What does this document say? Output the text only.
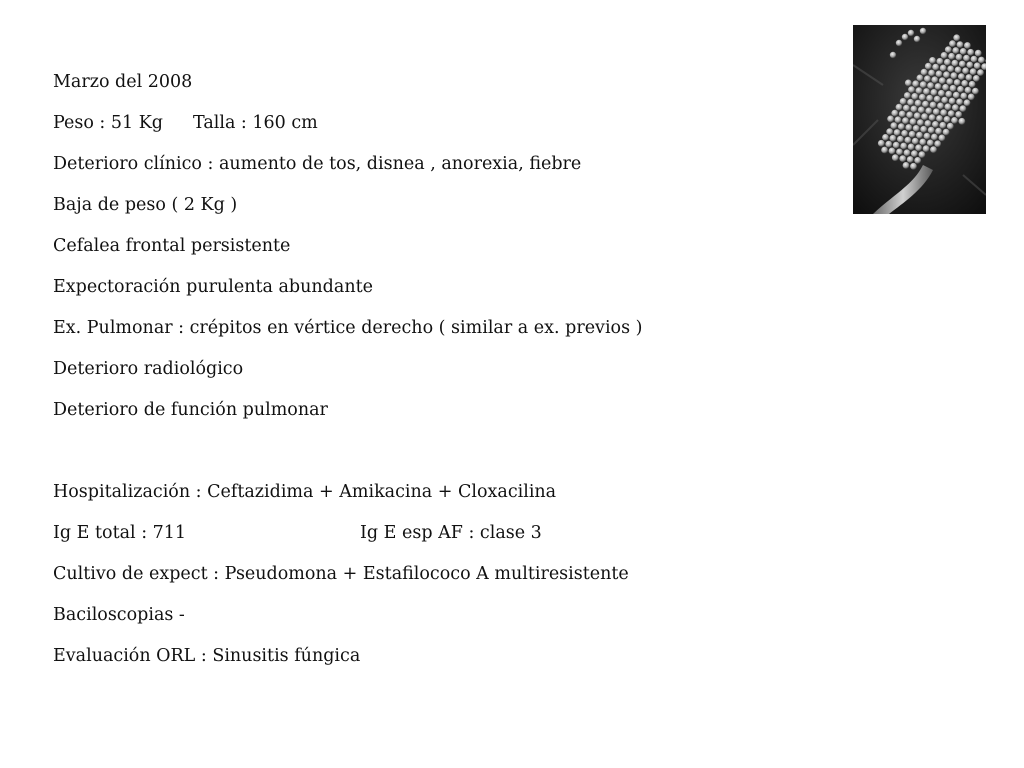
Marzo del 2008
Peso : 51 Kg Talla : 160 cm
Deterioro clínico : aumento de tos, disnea , anorexia, fiebre
Baja de peso ( 2 Kg )
Cefalea frontal persistente
Expectoración purulenta abundante
Ex. Pulmonar : crépitos en vértice derecho ( similar a ex. previos )
Deterioro radiológico
Deterioro de función pulmonar
Hospitalización : Ceftazidima + Amikacina + Cloxacilina
Ig E total : 711	Ig E esp AF : clase 3
Cultivo de expect : Pseudomona + Estafilococo A multiresistente
Baciloscopias -
Evaluación ORL : Sinusitis fúngica
